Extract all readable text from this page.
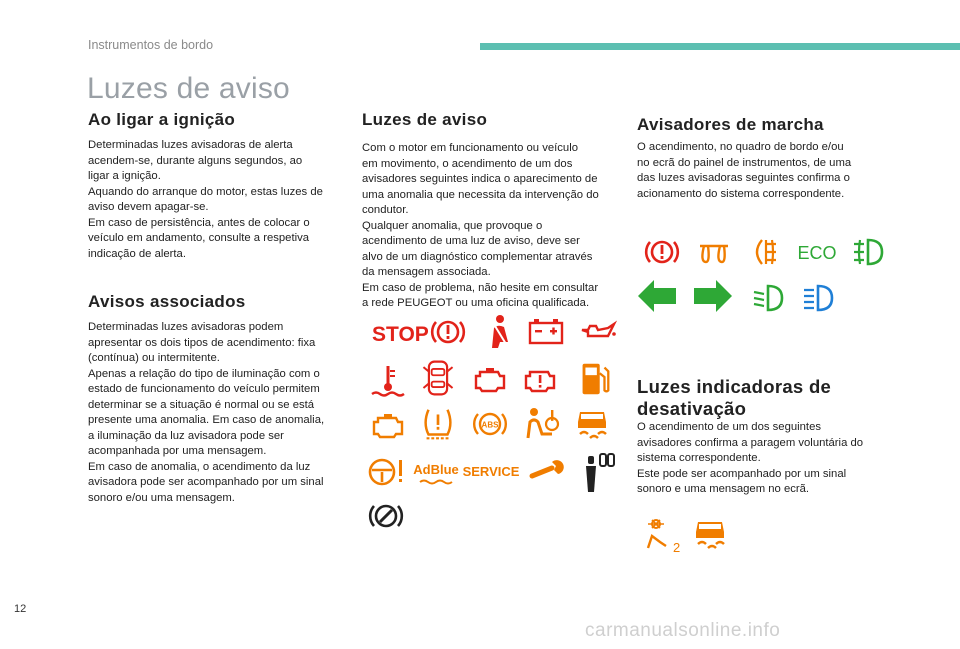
Instrumentos de bordo
Luzes de aviso
Ao ligar a ignição

Determinadas luzes avisadoras de alerta
acendem-se, durante alguns segundos, ao
ligar a ignição.
Aquando do arranque do motor, estas luzes de
aviso devem apagar-se.
Em caso de persistência, antes de colocar o
veículo em andamento, consulte a respetiva
indicação de alerta.

Avisos associados

Determinadas luzes avisadoras podem
apresentar os dois tipos de acendimento: fixa
(contínua) ou intermitente.
Apenas a relação do tipo de iluminação com o
estado de funcionamento do veículo permitem
determinar se a situação é normal ou se está
presente uma anomalia. Em caso de anomalia,
a iluminação da luz avisadora pode ser
acompanhada por uma mensagem.
Em caso de anomalia, o acendimento da luz
avisadora pode ser acompanhado por um sinal
sonoro e/ou uma mensagem.

Luzes de aviso

Com o motor em funcionamento ou veículo
em movimento, o acendimento de um dos
avisadores seguintes indica o aparecimento de
uma anomalia que necessita da intervenção do
condutor.
Qualquer anomalia, que provoque o
acendimento de uma luz de aviso, deve ser
alvo de um diagnóstico complementar através
da mensagem associada.
Em caso de problema, não hesite em consultar
a rede PEUGEOT ou uma oficina qualificada.

STOP
ABS
AdBlue SERVICE
Avisadores de marcha

O acendimento, no quadro de bordo e/ou
no ecrã do painel de instrumentos, de uma
das luzes avisadoras seguintes confirma o
acionamento do sistema correspondente.

ECO
Luzes indicadoras de desativação

O acendimento de um dos seguintes
avisadores confirma a paragem voluntária do
sistema correspondente.
Este pode ser acompanhado por um sinal
sonoro e uma mensagem no ecrã.

2
12
carmanualsonline.info
